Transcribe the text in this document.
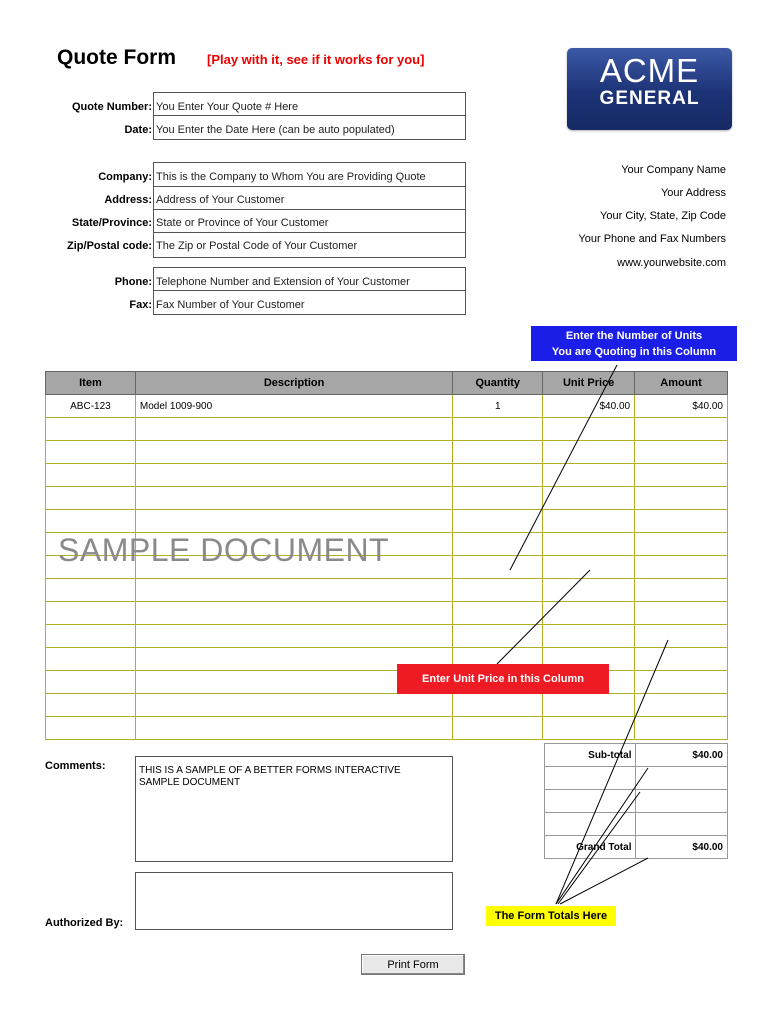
Quote Form [Play with it, see if it works for you]	ACME
GENERAL
Quote Number: You Enter Your Quote # Here
Date: You Enter the Date Here (can be auto populated)
Company: This is the Company to Whom You are Providing Quote
Address: Address of Your Customer
State/Province: State or Province of Your Customer
Zip/Postal code: The Zip or Postal Code of Your Customer
Phone: Telephone Number and Extension of Your Customer
Fax: Fax Number of Your Customer
Your Company Name
Your Address
Your City, State, Zip Code
Your Phone and Fax Numbers
www.yourwebsite.com
Enter the Number of Units
You are Quoting in this Column
Item	Description	Quantity	Unit Price	Amount
ABC-123	Model 1009-900	1	$40.00	$40.00

SAMPLE DOCUMENT
Enter Unit Price in this Column
Comments:	THIS IS A SAMPLE OF A BETTER FORMS INTERACTIVE SAMPLE DOCUMENT
Authorized By:
Sub-total	$40.00

Grand Total	$40.00
The Form Totals Here
Print Form
